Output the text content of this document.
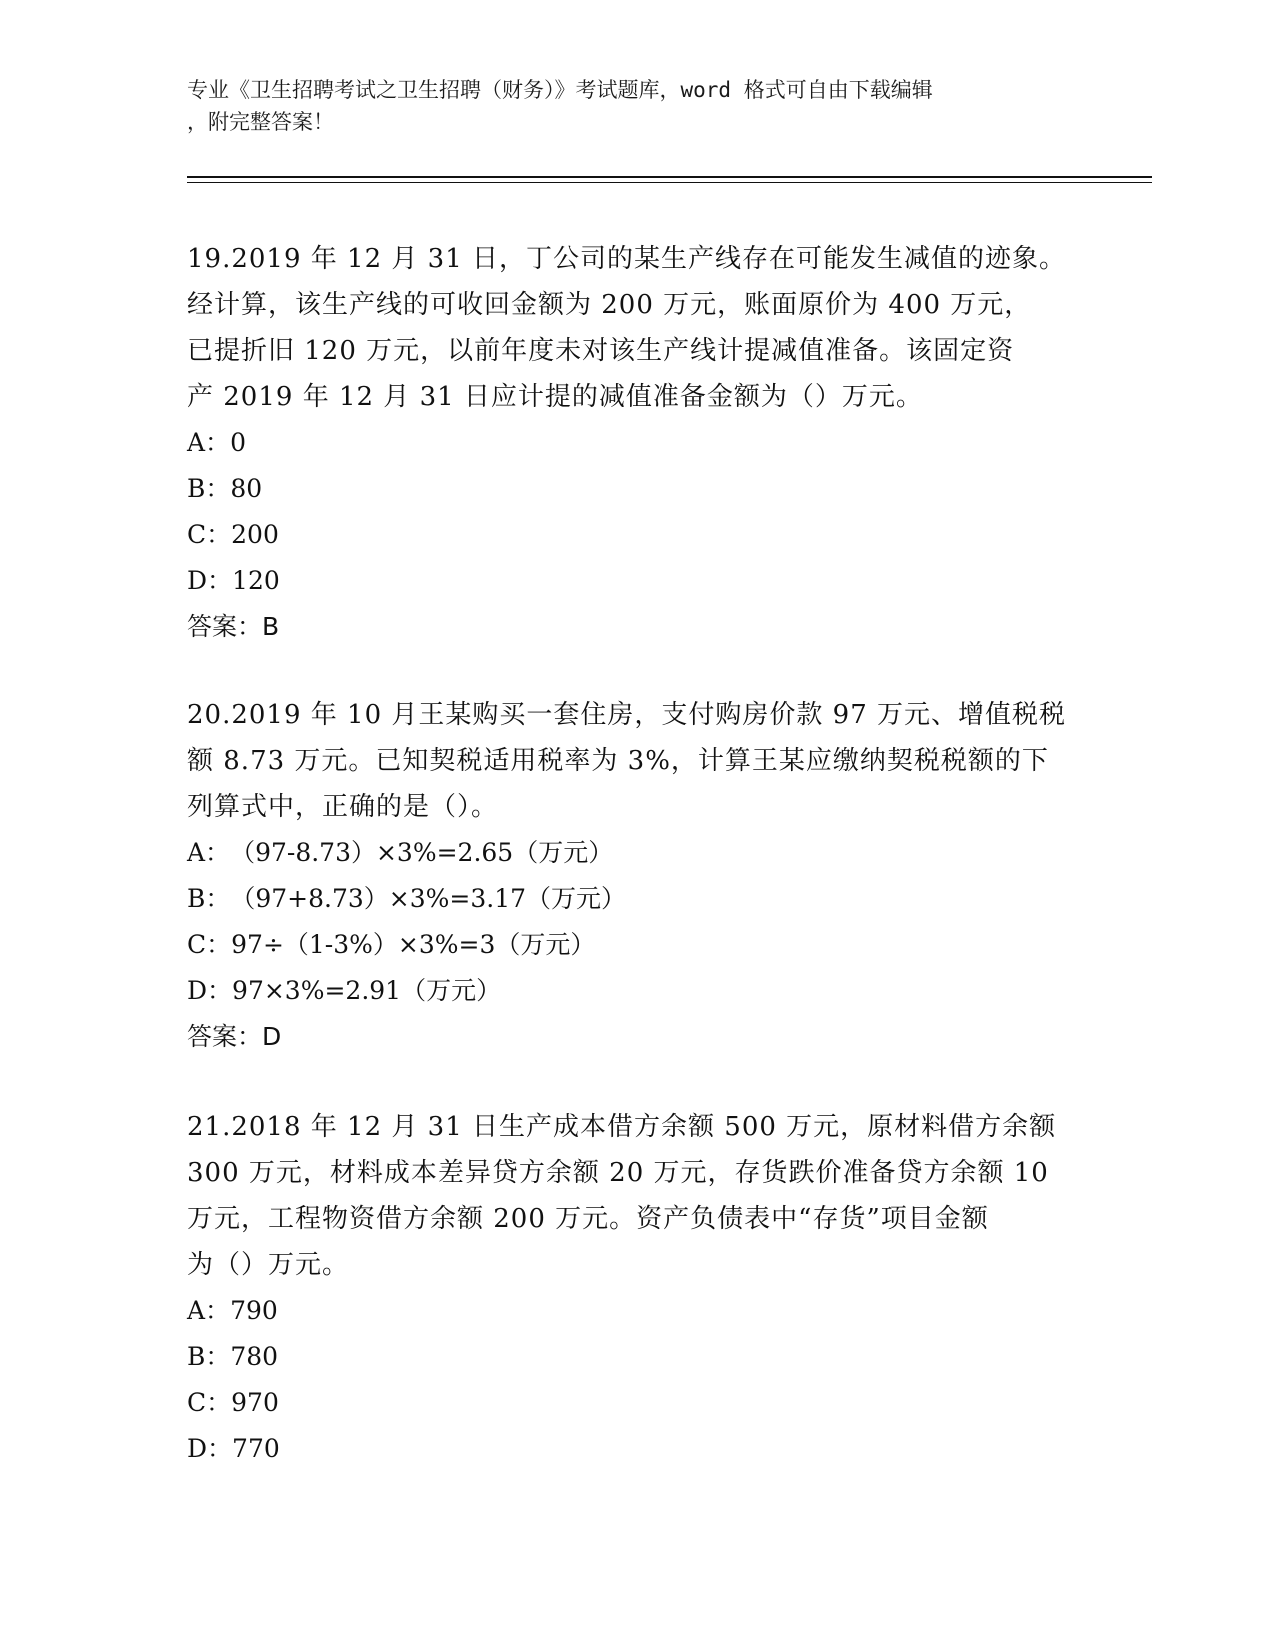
专业《卫生招聘考试之卫生招聘（财务）》考试题库，word 格式可自由下载编辑
，附完整答案！

19.2019 年 12 月 31 日，丁公司的某生产线存在可能发生减值的迹象。
经计算，该生产线的可收回金额为 200 万元，账面原价为 400 万元，
已提折旧 120 万元，以前年度未对该生产线计提减值准备。该固定资
产 2019 年 12 月 31 日应计提的减值准备金额为（）万元。

A：0

B：80

C：200

D：120

答案：B

20.2019 年 10 月王某购买一套住房，支付购房价款 97 万元、增值税税
额 8.73 万元。已知契税适用税率为 3%，计算王某应缴纳契税税额的下
列算式中，正确的是（）。

A：（97-8.73）×3%=2.65（万元）

B：（97+8.73）×3%=3.17（万元）

C：97÷（1-3%）×3%=3（万元）

D：97×3%=2.91（万元）

答案：D

21.2018 年 12 月 31 日生产成本借方余额 500 万元，原材料借方余额
300 万元，材料成本差异贷方余额 20 万元，存货跌价准备贷方余额 10
万元，工程物资借方余额 200 万元。资产负债表中“存货”项目金额
为（）万元。

A：790

B：780

C：970

D：770
